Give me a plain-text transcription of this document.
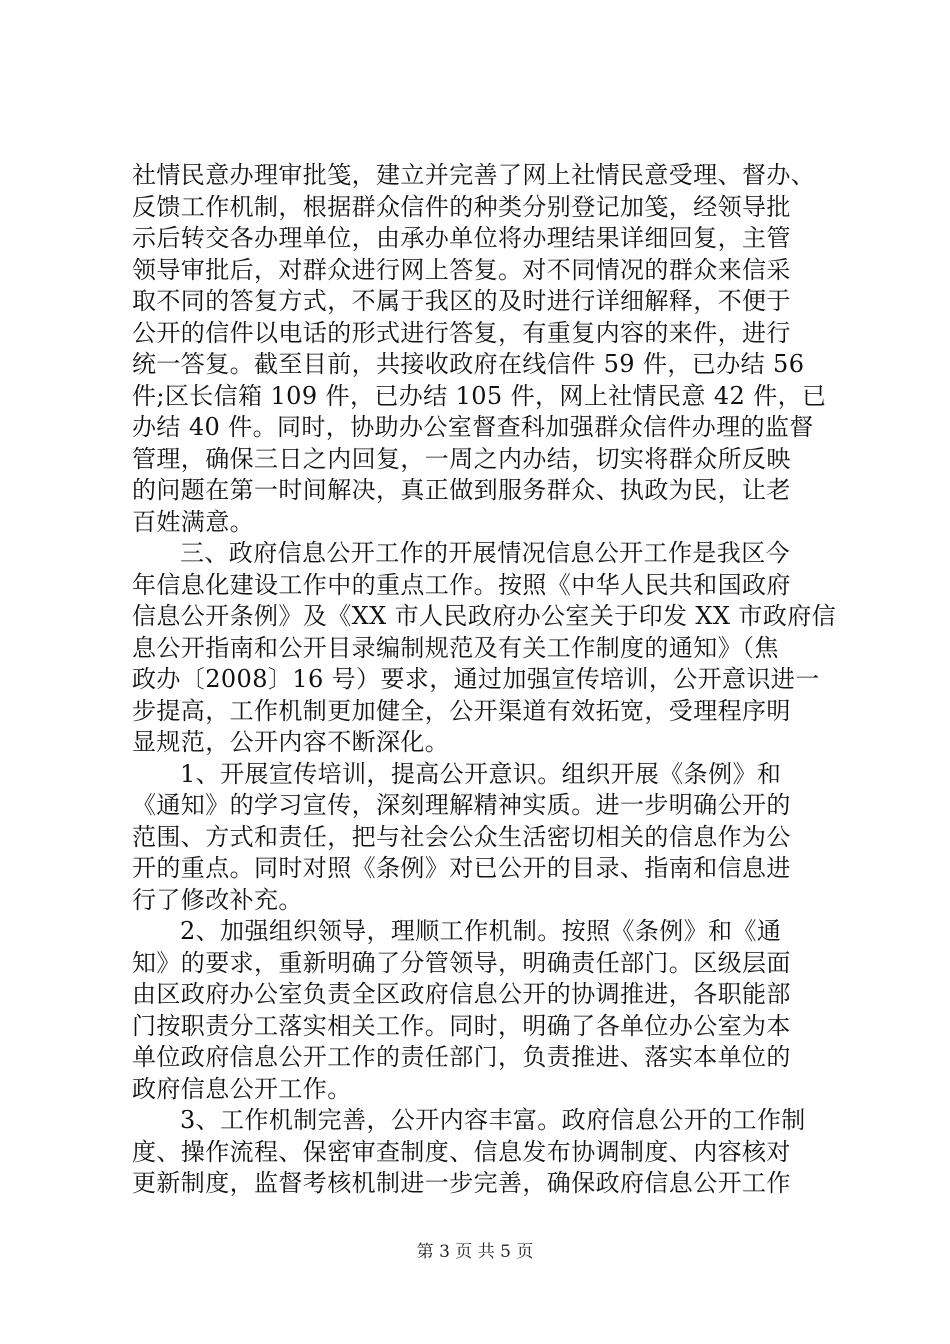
社情民意办理审批笺，建立并完善了网上社情民意受理、督办、
反馈工作机制，根据群众信件的种类分别登记加笺，经领导批
示后转交各办理单位，由承办单位将办理结果详细回复，主管
领导审批后，对群众进行网上答复。对不同情况的群众来信采
取不同的答复方式，不属于我区的及时进行详细解释，不便于
公开的信件以电话的形式进行答复，有重复内容的来件，进行
统一答复。截至目前，共接收政府在线信件 59 件，已办结 56
件;区长信箱 109 件，已办结 105 件，网上社情民意 42 件，已
办结 40 件。同时，协助办公室督查科加强群众信件办理的监督
管理，确保三日之内回复，一周之内办结，切实将群众所反映
的问题在第一时间解决，真正做到服务群众、执政为民，让老
百姓满意。
三、政府信息公开工作的开展情况信息公开工作是我区今
年信息化建设工作中的重点工作。按照《中华人民共和国政府
信息公开条例》及《XX 市人民政府办公室关于印发 XX 市政府信
息公开指南和公开目录编制规范及有关工作制度的通知》（焦
政办〔2008〕16 号）要求，通过加强宣传培训，公开意识进一
步提高，工作机制更加健全，公开渠道有效拓宽，受理程序明
显规范，公开内容不断深化。
1、开展宣传培训，提高公开意识。组织开展《条例》和
《通知》的学习宣传，深刻理解精神实质。进一步明确公开的
范围、方式和责任，把与社会公众生活密切相关的信息作为公
开的重点。同时对照《条例》对已公开的目录、指南和信息进
行了修改补充。
2、加强组织领导，理顺工作机制。按照《条例》和《通
知》的要求，重新明确了分管领导，明确责任部门。区级层面
由区政府办公室负责全区政府信息公开的协调推进，各职能部
门按职责分工落实相关工作。同时，明确了各单位办公室为本
单位政府信息公开工作的责任部门，负责推进、落实本单位的
政府信息公开工作。
3、工作机制完善，公开内容丰富。政府信息公开的工作制
度、操作流程、保密审查制度、信息发布协调制度、内容核对
更新制度，监督考核机制进一步完善，确保政府信息公开工作
第 3 页 共 5 页
